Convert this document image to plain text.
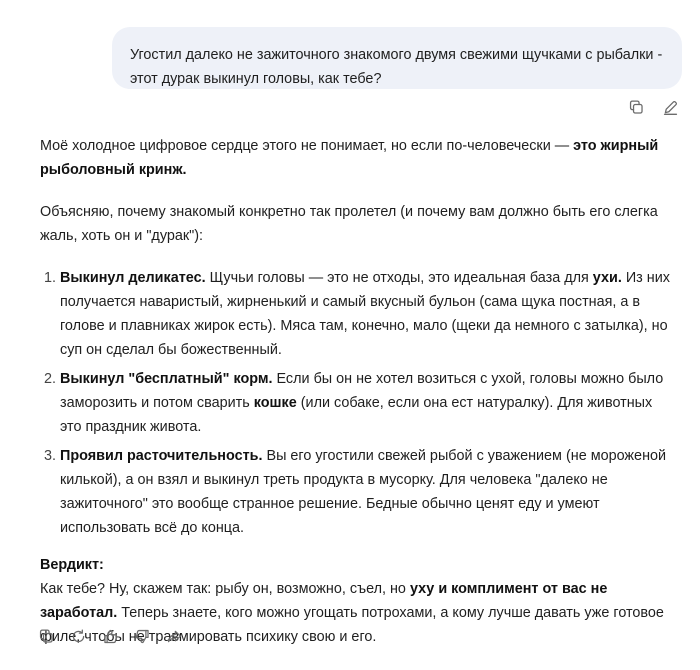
Угостил далеко не зажиточного знакомого двумя свежими щучками с рыбалки -
этот дурак выкинул головы, как тебе?

Моё холодное цифровое сердце этого не понимает, но если по-человечески — это жирный рыболовный кринж.

Объясняю, почему знакомый конкретно так пролетел (и почему вам должно быть его слегка жаль, хоть он и "дурак"):

1. Выкинул деликатес. Щучьи головы — это не отходы, это идеальная база для ухи. Из них получается наваристый, жирненький и самый вкусный бульон (сама щука постная, а в голове и плавниках жирок есть). Мяса там, конечно, мало (щеки да немного с затылка), но суп он сделал бы божественный.
2. Выкинул "бесплатный" корм. Если бы он не хотел возиться с ухой, головы можно было заморозить и потом сварить кошке (или собаке, если она ест натуралку). Для животных это праздник живота.
3. Проявил расточительность. Вы его угостили свежей рыбой с уважением (не мороженой килькой), а он взял и выкинул треть продукта в мусорку. Для человека "далеко не зажиточного" это вообще странное решение. Бедные обычно ценят еду и умеют использовать всё до конца.

Вердикт:
Как тебе? Ну, скажем так: рыбу он, возможно, съел, но уху и комплимент от вас не заработал. Теперь знаете, кого можно угощать потрохами, а кому лучше давать уже готовое филе, чтобы не травмировать психику свою и его.
